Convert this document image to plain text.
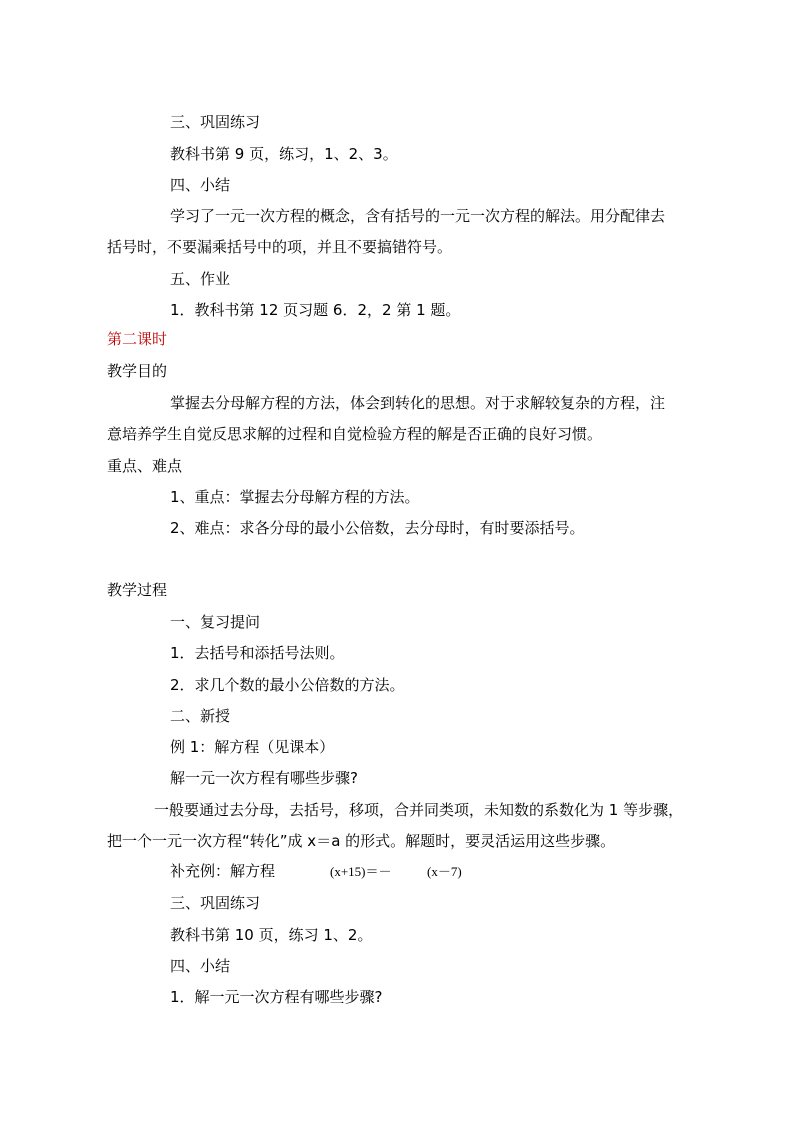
三、巩固练习
教科书第 9 页，练习，1、2、3。
四、小结
学习了一元一次方程的概念，含有括号的一元一次方程的解法。用分配律去
括号时，不要漏乘括号中的项，并且不要搞错符号。
五、作业
1．教科书第 12 页习题 6．2，2 第 1 题。
第二课时
教学目的
掌握去分母解方程的方法，体会到转化的思想。对于求解较复杂的方程，注
意培养学生自觉反思求解的过程和自觉检验方程的解是否正确的良好习惯。
重点、难点
1、重点：掌握去分母解方程的方法。
2、难点：求各分母的最小公倍数，去分母时，有时要添括号。
教学过程
一、复习提问
1．去括号和添括号法则。
2．求几个数的最小公倍数的方法。
二、新授
例 1：解方程（见课本）
解一元一次方程有哪些步骤?
一般要通过去分母，去括号，移项，合并同类项，未知数的系数化为 1 等步骤，
把一个一元一次方程“转化”成 x＝a 的形式。解题时，要灵活运用这些步骤。
补充例：解方程	(x+15)＝－	(x－7)
三、巩固练习
教科书第 10 页，练习 1、2。
四、小结
1．解一元一次方程有哪些步骤?
